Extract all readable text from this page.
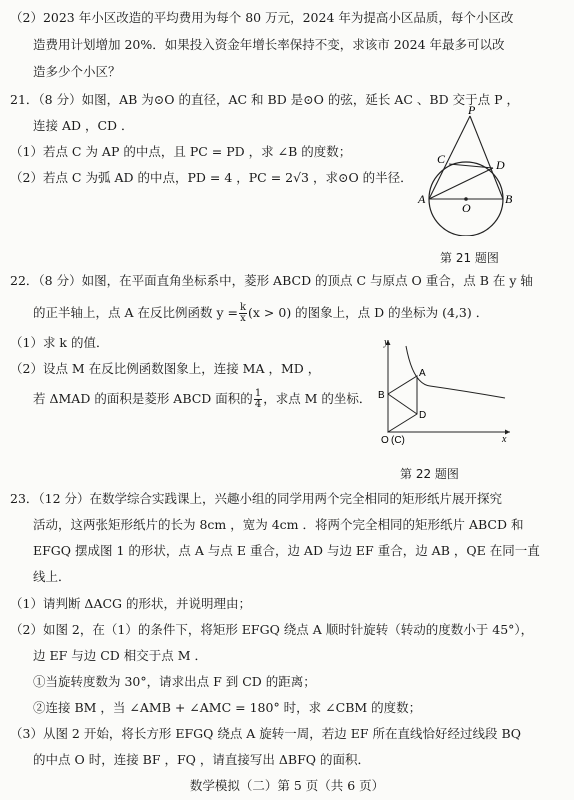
（2）2023 年小区改造的平均费用为每个 80 万元，2024 年为提高小区品质，每个小区改
造费用计划增加 20%．如果投入资金年增长率保持不变，求该市 2024 年最多可以改
造多少个小区？
21．（8 分）如图，AB 为⊙O 的直径，AC 和 BD 是⊙O 的弦，延长 AC 、BD 交于点 P ，
连接 AD ，CD ．
（1）若点 C 为 AP 的中点，且 PC = PD ，求 ∠B 的度数；
（2）若点 C 为弧 AD 的中点，PD = 4 ，PC = 2√3 ，求⊙O 的半径．
P
C	D
A
O
B
第 21 题图
22．（8 分）如图，在平面直角坐标系中，菱形 ABCD 的顶点 C 与原点 O 重合，点 B 在 y 轴
的正半轴上，点 A 在反比例函数 $y = \frac{k}{x} (x > 0)$ 的图象上，点 D 的坐标为 (4,3) ．
（1）求 k 的值．
（2）设点 M 在反比例函数图象上，连接 MA ，MD ，
若 ΔMAD 的面积是菱形 ABCD 面积的 $\frac{1}{4}$ ，求点 M 的坐标．
y
x
A
B
D
O (C)
第 22 题图
23．（12 分）在数学综合实践课上，兴趣小组的同学用两个完全相同的矩形纸片展开探究
活动，这两张矩形纸片的长为 8cm ，宽为 4cm ．将两个完全相同的矩形纸片 ABCD 和
EFGQ 摆成图 1 的形状，点 A 与点 E 重合，边 AD 与边 EF 重合，边 AB ，QE 在同一直
线上．
（1）请判断 ΔACG 的形状，并说明理由；
（2）如图 2，在（1）的条件下，将矩形 EFGQ 绕点 A 顺时针旋转（转动的度数小于 45°），
边 EF 与边 CD 相交于点 M ．
①当旋转度数为 30°，请求出点 F 到 CD 的距离；
②连接 BM ，当 ∠AMB + ∠AMC = 180° 时，求 ∠CBM 的度数；
（3）从图 2 开始，将长方形 EFGQ 绕点 A 旋转一周，若边 EF 所在直线恰好经过线段 BQ
的中点 O 时，连接 BF ，FQ ，请直接写出 ΔBFQ 的面积．
数学模拟（二）第 5 页（共 6 页）
